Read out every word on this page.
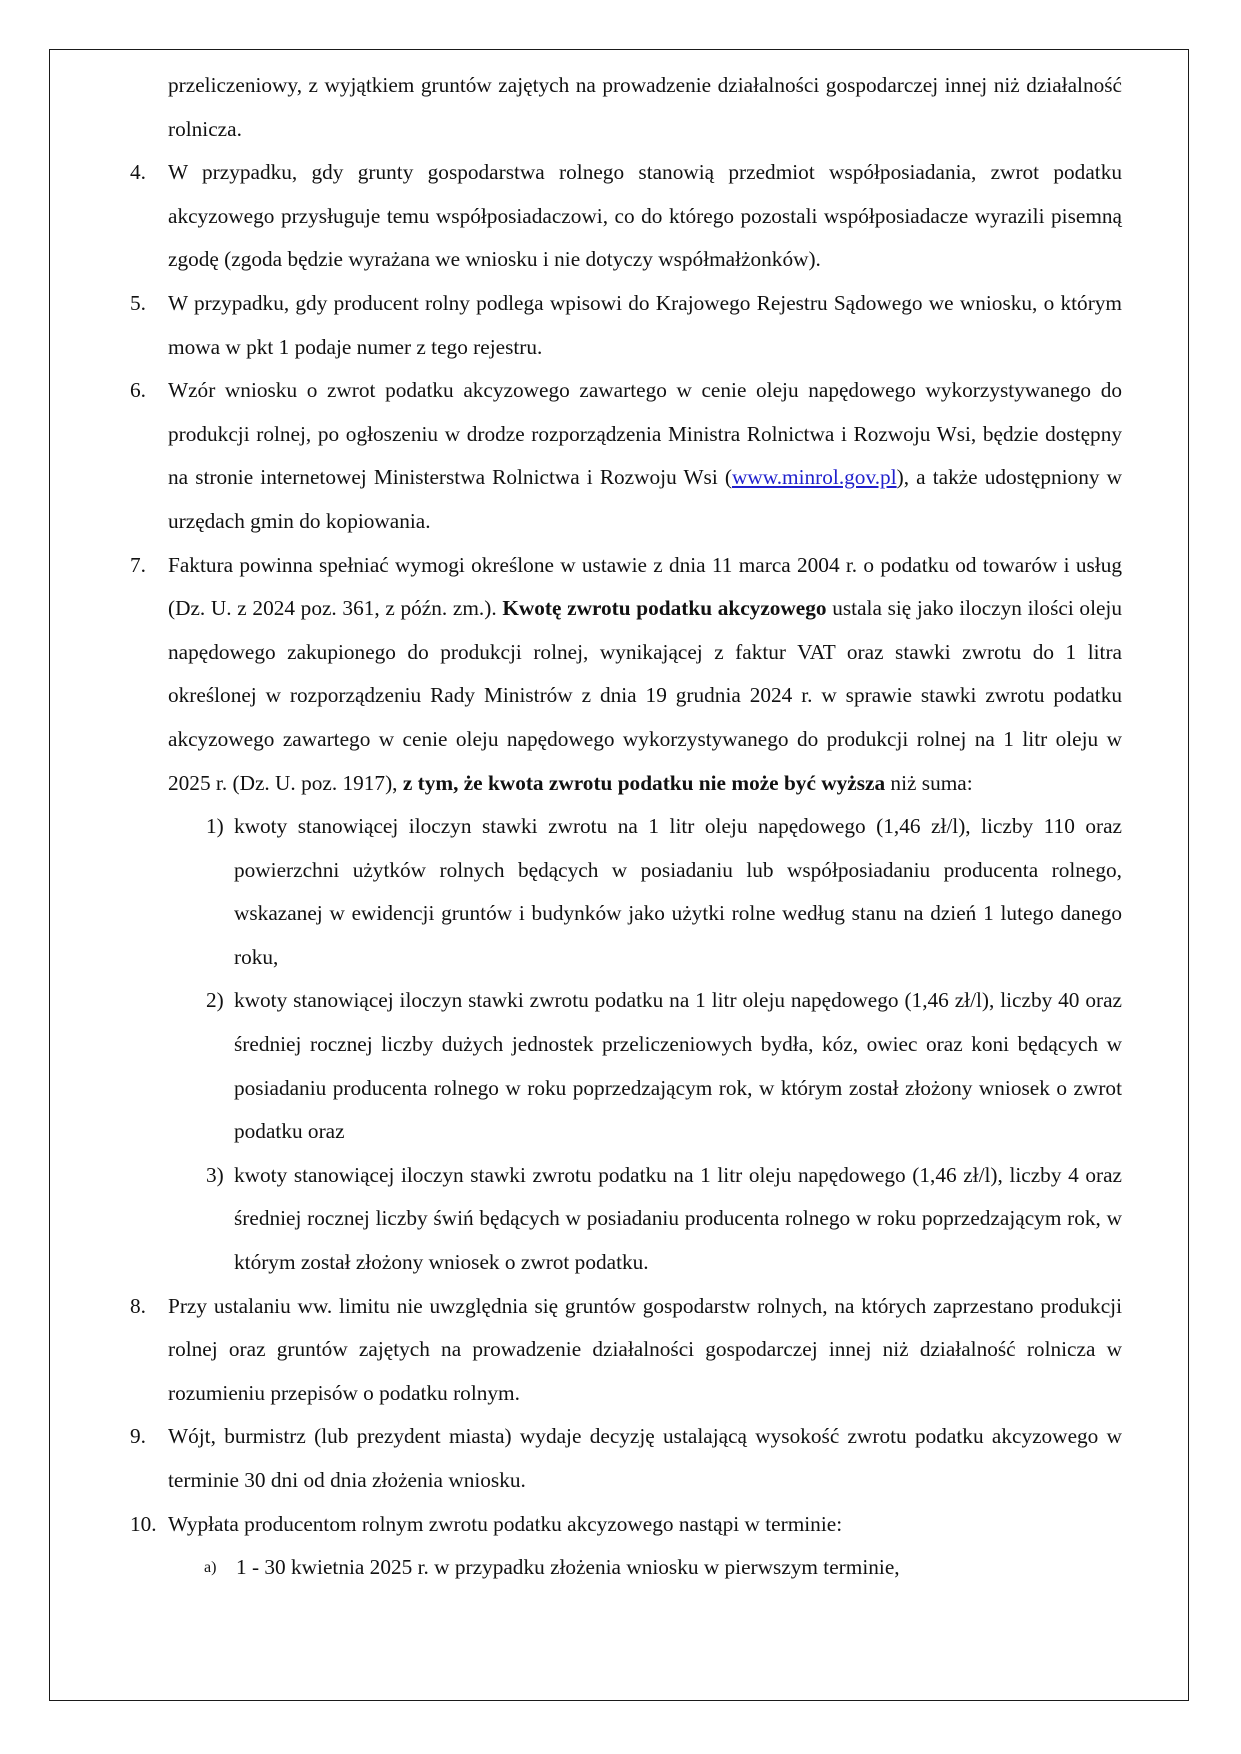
przeliczeniowy, z wyjątkiem gruntów zajętych na prowadzenie działalności gospodarczej innej niż działalność rolnicza.
4. W przypadku, gdy grunty gospodarstwa rolnego stanowią przedmiot współposiadania, zwrot podatku akcyzowego przysługuje temu współposiadaczowi, co do którego pozostali współposiadacze wyrazili pisemną zgodę (zgoda będzie wyrażana we wniosku i nie dotyczy współmałżonków).
5. W przypadku, gdy producent rolny podlega wpisowi do Krajowego Rejestru Sądowego we wniosku, o którym mowa w pkt 1 podaje numer z tego rejestru.
6. Wzór wniosku o zwrot podatku akcyzowego zawartego w cenie oleju napędowego wykorzystywanego do produkcji rolnej, po ogłoszeniu w drodze rozporządzenia Ministra Rolnictwa i Rozwoju Wsi, będzie dostępny na stronie internetowej Ministerstwa Rolnictwa i Rozwoju Wsi (www.minrol.gov.pl), a także udostępniony w urzędach gmin do kopiowania.
7. Faktura powinna spełniać wymogi określone w ustawie z dnia 11 marca 2004 r. o podatku od towarów i usług (Dz. U. z 2024 poz. 361, z późn. zm.). Kwotę zwrotu podatku akcyzowego ustala się jako iloczyn ilości oleju napędowego zakupionego do produkcji rolnej, wynikającej z faktur VAT oraz stawki zwrotu do 1 litra określonej w rozporządzeniu Rady Ministrów z dnia 19 grudnia 2024 r. w sprawie stawki zwrotu podatku akcyzowego zawartego w cenie oleju napędowego wykorzystywanego do produkcji rolnej na 1 litr oleju w 2025 r. (Dz. U. poz. 1917), z tym, że kwota zwrotu podatku nie może być wyższa niż suma:
1) kwoty stanowiącej iloczyn stawki zwrotu na 1 litr oleju napędowego (1,46 zł/l), liczby 110 oraz powierzchni użytków rolnych będących w posiadaniu lub współposiadaniu producenta rolnego, wskazanej w ewidencji gruntów i budynków jako użytki rolne według stanu na dzień 1 lutego danego roku,
2) kwoty stanowiącej iloczyn stawki zwrotu podatku na 1 litr oleju napędowego (1,46 zł/l), liczby 40 oraz średniej rocznej liczby dużych jednostek przeliczeniowych bydła, kóz, owiec oraz koni będących w posiadaniu producenta rolnego w roku poprzedzającym rok, w którym został złożony wniosek o zwrot podatku oraz
3) kwoty stanowiącej iloczyn stawki zwrotu podatku na 1 litr oleju napędowego (1,46 zł/l), liczby 4 oraz średniej rocznej liczby świń będących w posiadaniu producenta rolnego w roku poprzedzającym rok, w którym został złożony wniosek o zwrot podatku.
8. Przy ustalaniu ww. limitu nie uwzględnia się gruntów gospodarstw rolnych, na których zaprzestano produkcji rolnej oraz gruntów zajętych na prowadzenie działalności gospodarczej innej niż działalność rolnicza w rozumieniu przepisów o podatku rolnym.
9. Wójt, burmistrz (lub prezydent miasta) wydaje decyzję ustalającą wysokość zwrotu podatku akcyzowego w terminie 30 dni od dnia złożenia wniosku.
10. Wypłata producentom rolnym zwrotu podatku akcyzowego nastąpi w terminie:
a) 1 - 30 kwietnia 2025 r. w przypadku złożenia wniosku w pierwszym terminie,
